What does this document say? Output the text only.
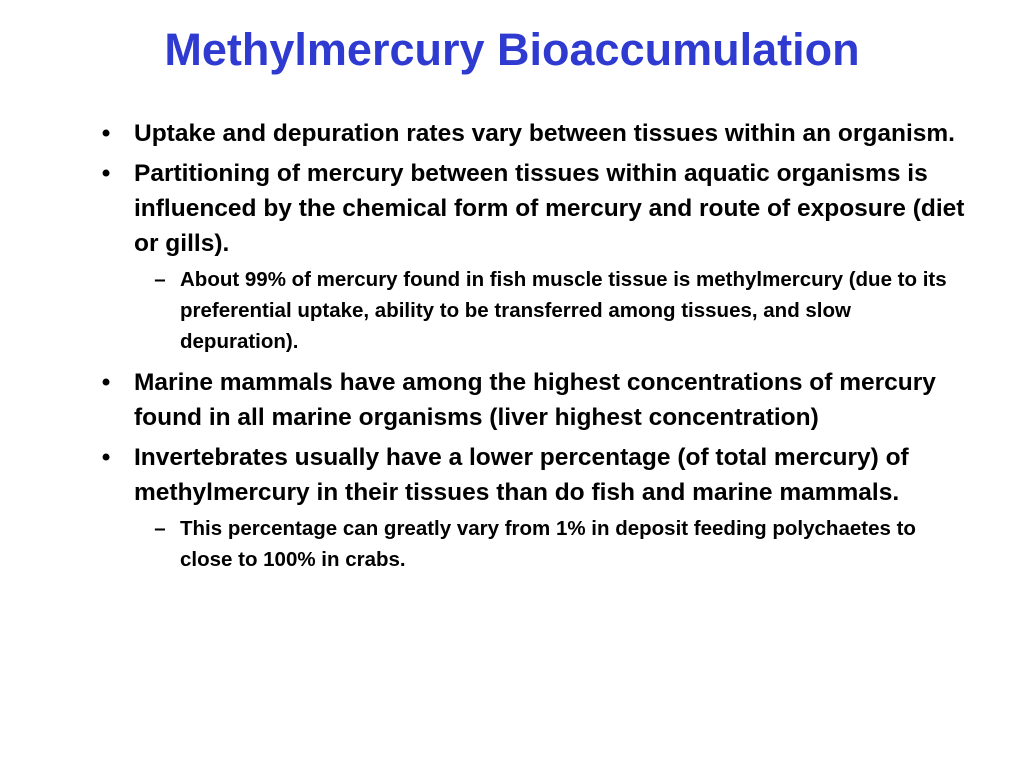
Methylmercury Bioaccumulation
• Uptake and depuration rates vary between tissues within an organism.
• Partitioning of mercury between tissues within aquatic organisms is influenced by the chemical form of mercury and route of exposure (diet or gills).
– About 99% of mercury found in fish muscle tissue is methylmercury (due to its preferential uptake, ability to be transferred among tissues, and slow depuration).
• Marine mammals have among the highest concentrations of mercury found in all marine organisms (liver highest concentration)
• Invertebrates usually have a lower percentage (of total mercury) of methylmercury in their tissues than do fish and marine mammals.
– This percentage can greatly vary from 1% in deposit feeding polychaetes to close to 100% in crabs.
